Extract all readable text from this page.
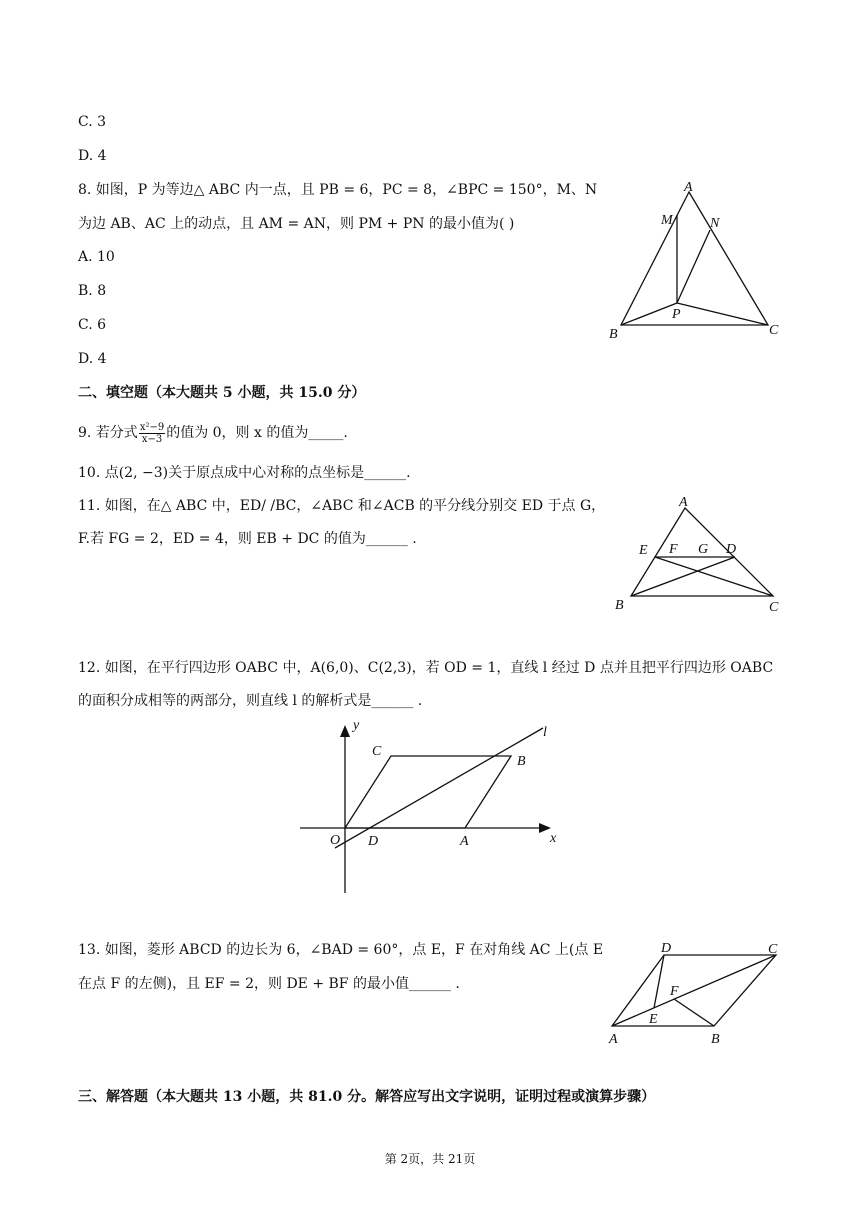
C. 3
D. 4
8. 如图，P 为等边△ ABC 内一点，且 PB = 6，PC = 8，∠BPC = 150°，M、N
为边 AB、AC 上的动点，且 AM = AN，则 PM + PN 的最小值为( )
A. 10
B. 8
C. 6
D. 4
A
M	N
P
B	C
二、填空题（本大题共 5 小题，共 15.0 分）
9. 若分式 $\frac{\text{x²−9}}{x-3}$ 的值为 0，则 x 的值为_____.
10. 点(2, −3)关于原点成中心对称的点坐标是______.
11. 如图，在△ ABC 中，ED/ /BC，∠ABC 和∠ACB 的平分线分别交 ED 于点 G，
F.若 FG = 2，ED = 4，则 EB + DC 的值为______ .
A
E F G D
B	C
12. 如图，在平行四边形 OABC 中，A(6,0)、C(2,3)，若 OD = 1，直线 l 经过 D 点并且把平行四边形 OABC
的面积分成相等的两部分，则直线 l 的解析式是______ .
y
x
l
C
B
O D	A
13. 如图，菱形 ABCD 的边长为 6，∠BAD = 60°，点 E，F 在对角线 AC 上(点 E
在点 F 的左侧)，且 EF = 2，则 DE + BF 的最小值______ .
D	C
F
E
A	B
三、解答题（本大题共 13 小题，共 81.0 分。解答应写出文字说明，证明过程或演算步骤）
第 2页，共 21页
